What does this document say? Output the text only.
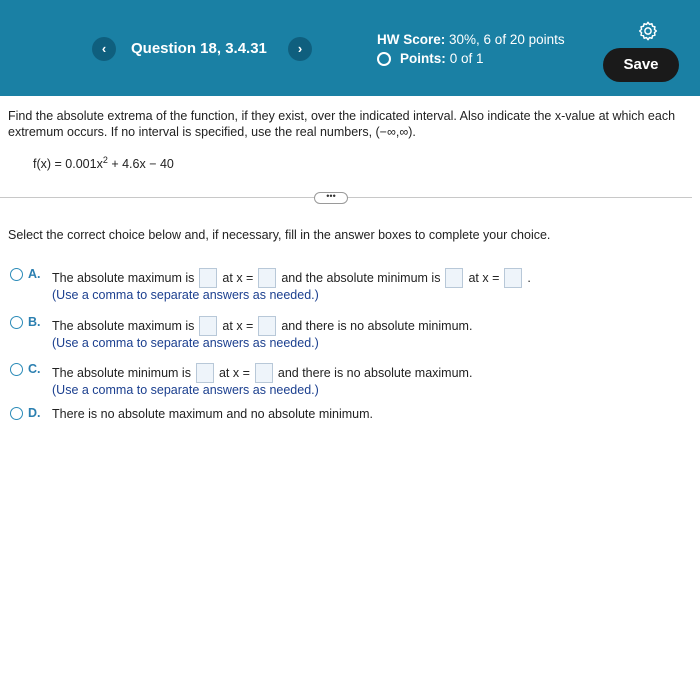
‹	Question 18, 3.4.31	›
HW Score: 30%, 6 of 20 points
Points: 0 of 1	Save
Find the absolute extrema of the function, if they exist, over the indicated interval. Also indicate the x-value at which each extremum occurs. If no interval is specified, use the real numbers, (−∞,∞).
$f(x) = 0.001x^2 + 4.6x - 40$
•••
Select the correct choice below and, if necessary, fill in the answer boxes to complete your choice.
A. The absolute maximum is at x = and the absolute minimum is at x = .
(Use a comma to separate answers as needed.)
B. The absolute maximum is at x = and there is no absolute minimum.
(Use a comma to separate answers as needed.)
C. The absolute minimum is at x = and there is no absolute maximum.
(Use a comma to separate answers as needed.)
D. There is no absolute maximum and no absolute minimum.
